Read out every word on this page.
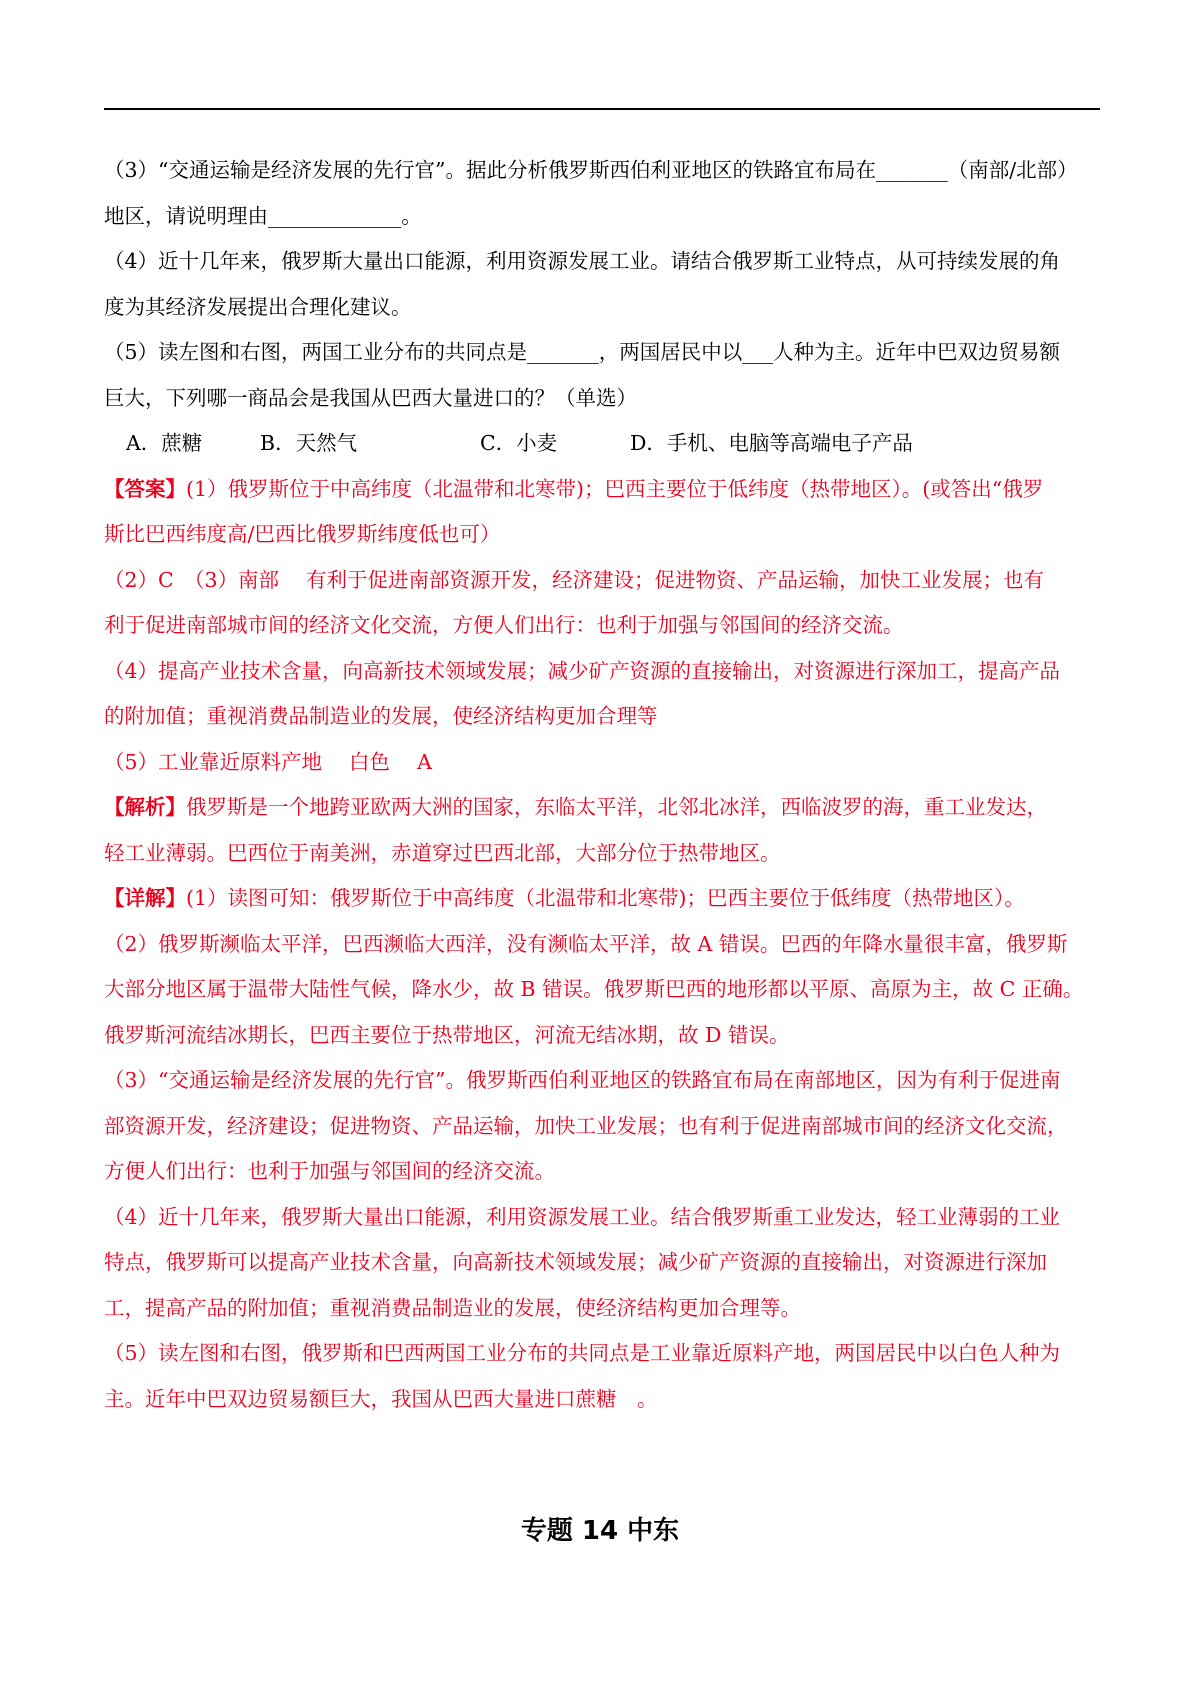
（3）“交通运输是经济发展的先行官”。据此分析俄罗斯西伯利亚地区的铁路宜布局在_______（南部/北部）

地区，请说明理由_____________。

（4）近十几年来，俄罗斯大量出口能源，利用资源发展工业。请结合俄罗斯工业特点，从可持续发展的角

度为其经济发展提出合理化建议。

（5）读左图和右图，两国工业分布的共同点是_______，两国居民中以___人种为主。近年中巴双边贸易额

巨大，下列哪一商品会是我国从巴西大量进口的？（单选）

A．蔗糖	B．天然气	C．小麦	D．手机、电脑等高端电子产品

【答案】(1）俄罗斯位于中高纬度（北温带和北寒带)；巴西主要位于低纬度（热带地区）。(或答出“俄罗

斯比巴西纬度高/巴西比俄罗斯纬度低也可）

（2）C　（3）南部　 有利于促进南部资源开发，经济建设；促进物资、产品运输，加快工业发展；也有

利于促进南部城市间的经济文化交流，方便人们出行：也利于加强与邻国间的经济交流。

（4）提高产业技术含量，向高新技术领域发展；减少矿产资源的直接输出，对资源进行深加工，提高产品

的附加值；重视消费品制造业的发展，使经济结构更加合理等

（5）工业靠近原料产地　 白色　 A

【解析】俄罗斯是一个地跨亚欧两大洲的国家，东临太平洋，北邻北冰洋，西临波罗的海，重工业发达，

轻工业薄弱。巴西位于南美洲，赤道穿过巴西北部，大部分位于热带地区。

【详解】(1）读图可知：俄罗斯位于中高纬度（北温带和北寒带)；巴西主要位于低纬度（热带地区）。

（2）俄罗斯濒临太平洋，巴西濒临大西洋，没有濒临太平洋，故 A 错误。巴西的年降水量很丰富，俄罗斯

大部分地区属于温带大陆性气候，降水少，故 B 错误。俄罗斯巴西的地形都以平原、高原为主，故 C 正确。

俄罗斯河流结冰期长，巴西主要位于热带地区，河流无结冰期，故 D 错误。

（3）“交通运输是经济发展的先行官”。俄罗斯西伯利亚地区的铁路宜布局在南部地区，因为有利于促进南

部资源开发，经济建设；促进物资、产品运输，加快工业发展；也有利于促进南部城市间的经济文化交流，

方便人们出行：也利于加强与邻国间的经济交流。

（4）近十几年来，俄罗斯大量出口能源，利用资源发展工业。结合俄罗斯重工业发达，轻工业薄弱的工业

特点，俄罗斯可以提高产业技术含量，向高新技术领域发展；减少矿产资源的直接输出，对资源进行深加

工，提高产品的附加值；重视消费品制造业的发展，使经济结构更加合理等。

（5）读左图和右图，俄罗斯和巴西两国工业分布的共同点是工业靠近原料产地，两国居民中以白色人种为

主。近年中巴双边贸易额巨大，我国从巴西大量进口蔗糖　。

专题 14 中东
